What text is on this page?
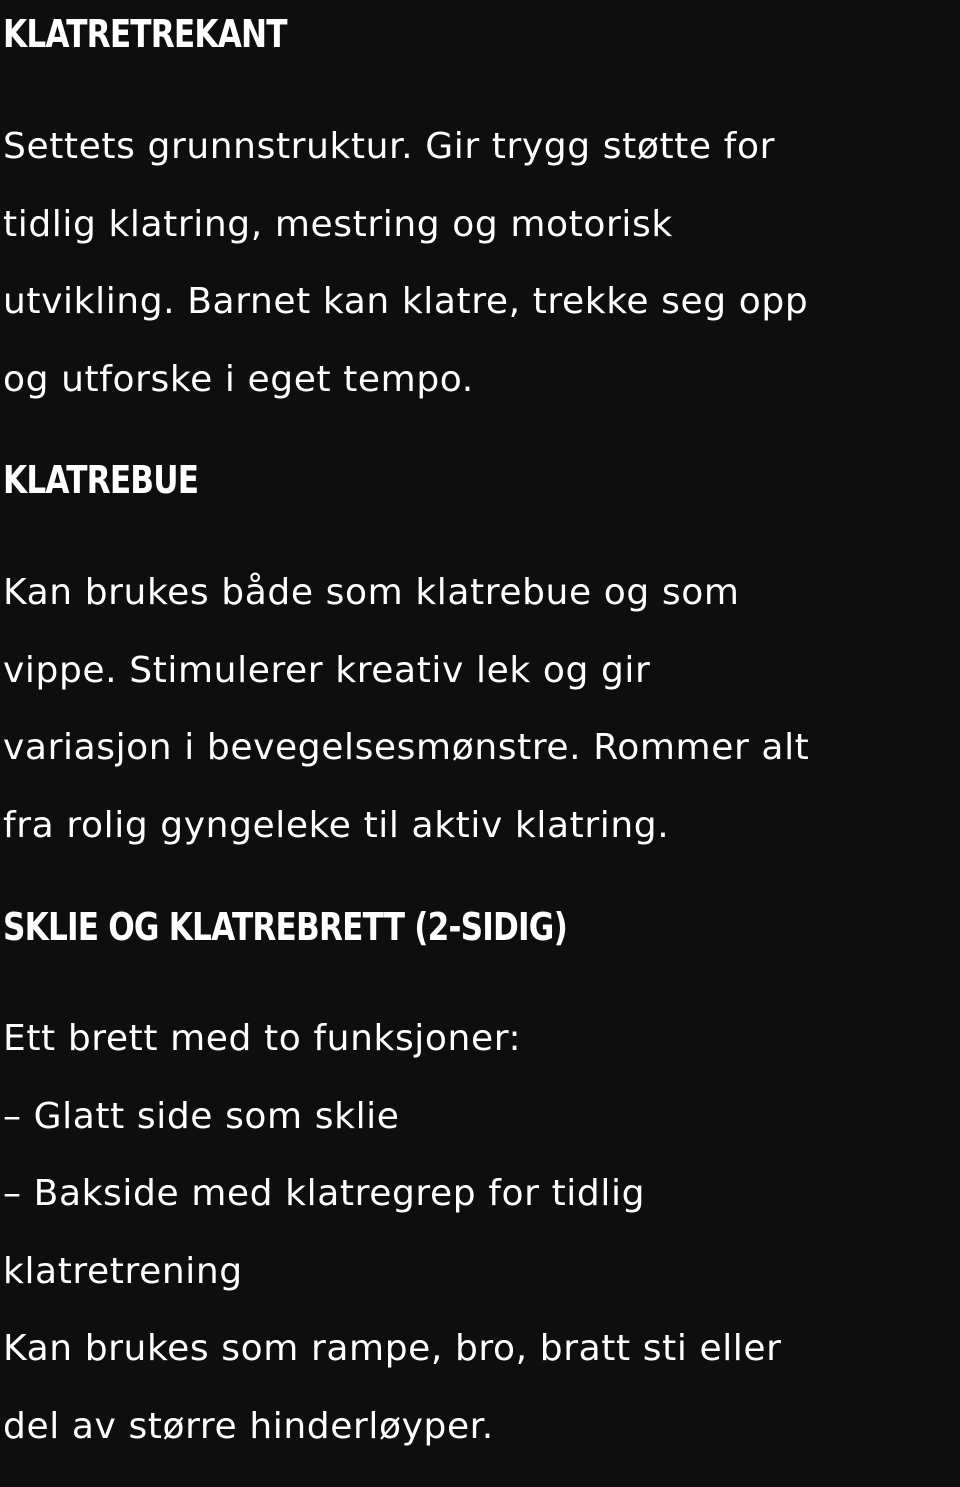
KLATRETREKANT

Settets grunnstruktur. Gir trygg støtte for
tidlig klatring, mestring og motorisk
utvikling. Barnet kan klatre, trekke seg opp
og utforske i eget tempo.

KLATREBUE

Kan brukes både som klatrebue og som
vippe. Stimulerer kreativ lek og gir
variasjon i bevegelsesmønstre. Rommer alt
fra rolig gyngeleke til aktiv klatring.

SKLIE OG KLATREBRETT (2-SIDIG)

Ett brett med to funksjoner:
– Glatt side som sklie
– Bakside med klatregrep for tidlig
klatretrening
Kan brukes som rampe, bro, bratt sti eller
del av større hinderløyper.
